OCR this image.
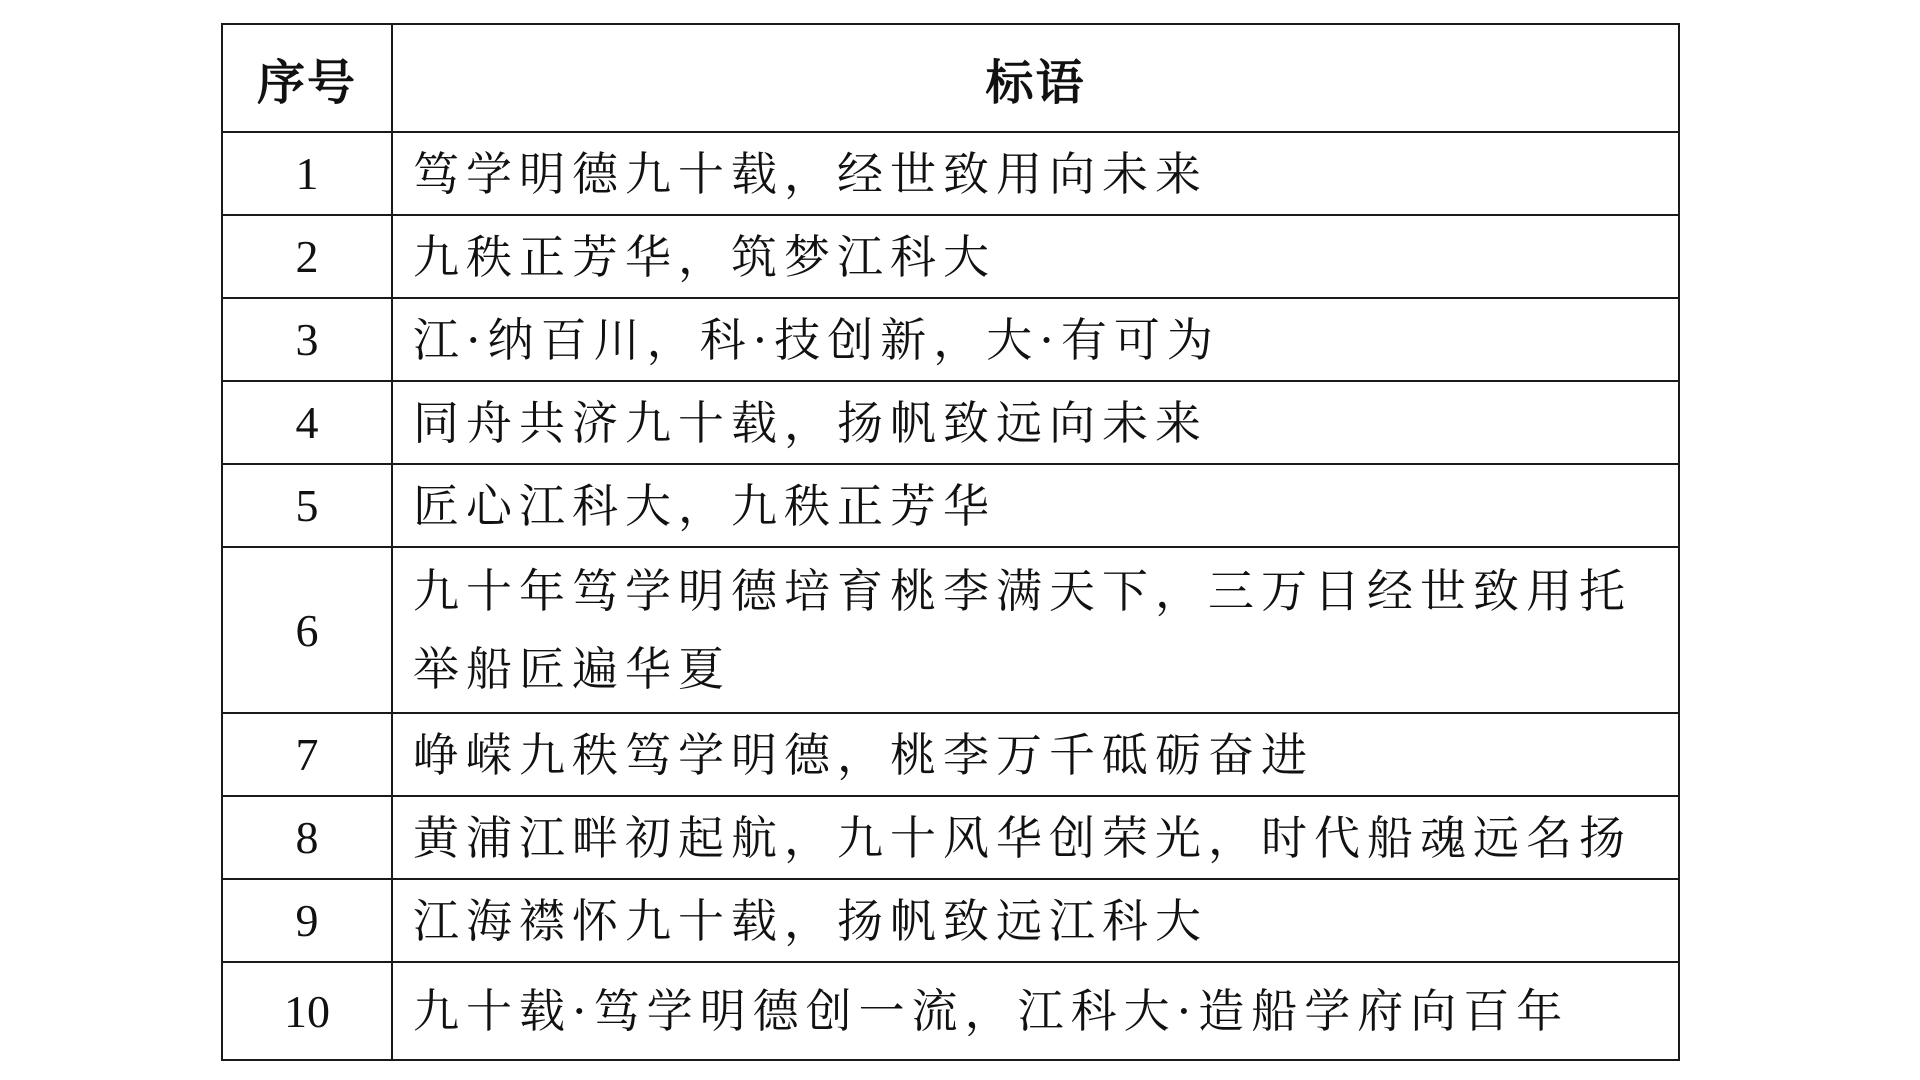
序号	标语
1	笃学明德九十载，经世致用向未来
2	九秩正芳华，筑梦江科大
3	江·纳百川，科·技创新，大·有可为
4	同舟共济九十载，扬帆致远向未来
5	匠心江科大，九秩正芳华
6	九十年笃学明德培育桃李满天下，三万日经世致用托举船匠遍华夏
7	峥嵘九秩笃学明德，桃李万千砥砺奋进
8	黄浦江畔初起航，九十风华创荣光，时代船魂远名扬
9	江海襟怀九十载，扬帆致远江科大
10	九十载·笃学明德创一流，江科大·造船学府向百年
